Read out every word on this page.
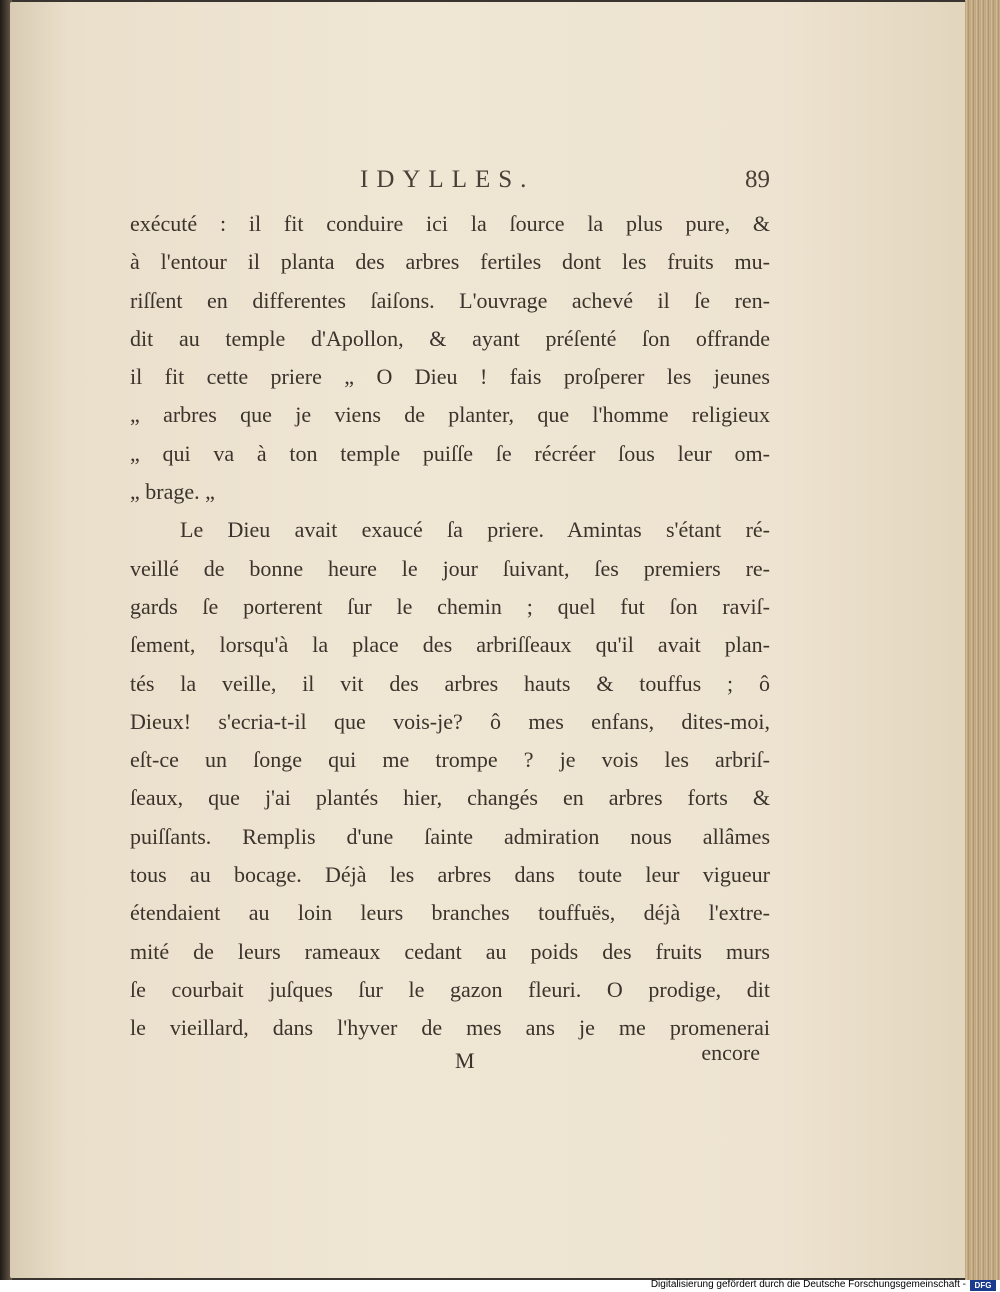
IDYLLES.	89
exécuté : il fit conduire ici la ſource la plus pure, &
à l'entour il planta des arbres fertiles dont les fruits mu-
riſſent en differentes ſaiſons. L'ouvrage achevé il ſe ren-
dit au temple d'Apollon, & ayant préſenté ſon offrande
il fit cette priere „ O Dieu ! fais proſperer les jeunes
„ arbres que je viens de planter, que l'homme religieux
„ qui va à ton temple puiſſe ſe récréer ſous leur om-
„ brage. „
Le Dieu avait exaucé ſa priere. Amintas s'étant ré-
veillé de bonne heure le jour ſuivant, ſes premiers re-
gards ſe porterent ſur le chemin ; quel fut ſon raviſ-
ſement, lorsqu'à la place des arbriſſeaux qu'il avait plan-
tés la veille, il vit des arbres hauts & touffus ; ô
Dieux! s'ecria-t-il que vois-je? ô mes enfans, dites-moi,
eſt-ce un ſonge qui me trompe ? je vois les arbriſ-
ſeaux, que j'ai plantés hier, changés en arbres forts &
puiſſants. Remplis d'une ſainte admiration nous allâmes
tous au bocage. Déjà les arbres dans toute leur vigueur
étendaient au loin leurs branches touffuës, déjà l'extre-
mité de leurs rameaux cedant au poids des fruits murs
ſe courbait juſques ſur le gazon fleuri. O prodige, dit
le vieillard, dans l'hyver de mes ans je me promenerai
M	encore
Digitalisierung gefördert durch die Deutsche Forschungsgemeinschaft -	DFG
